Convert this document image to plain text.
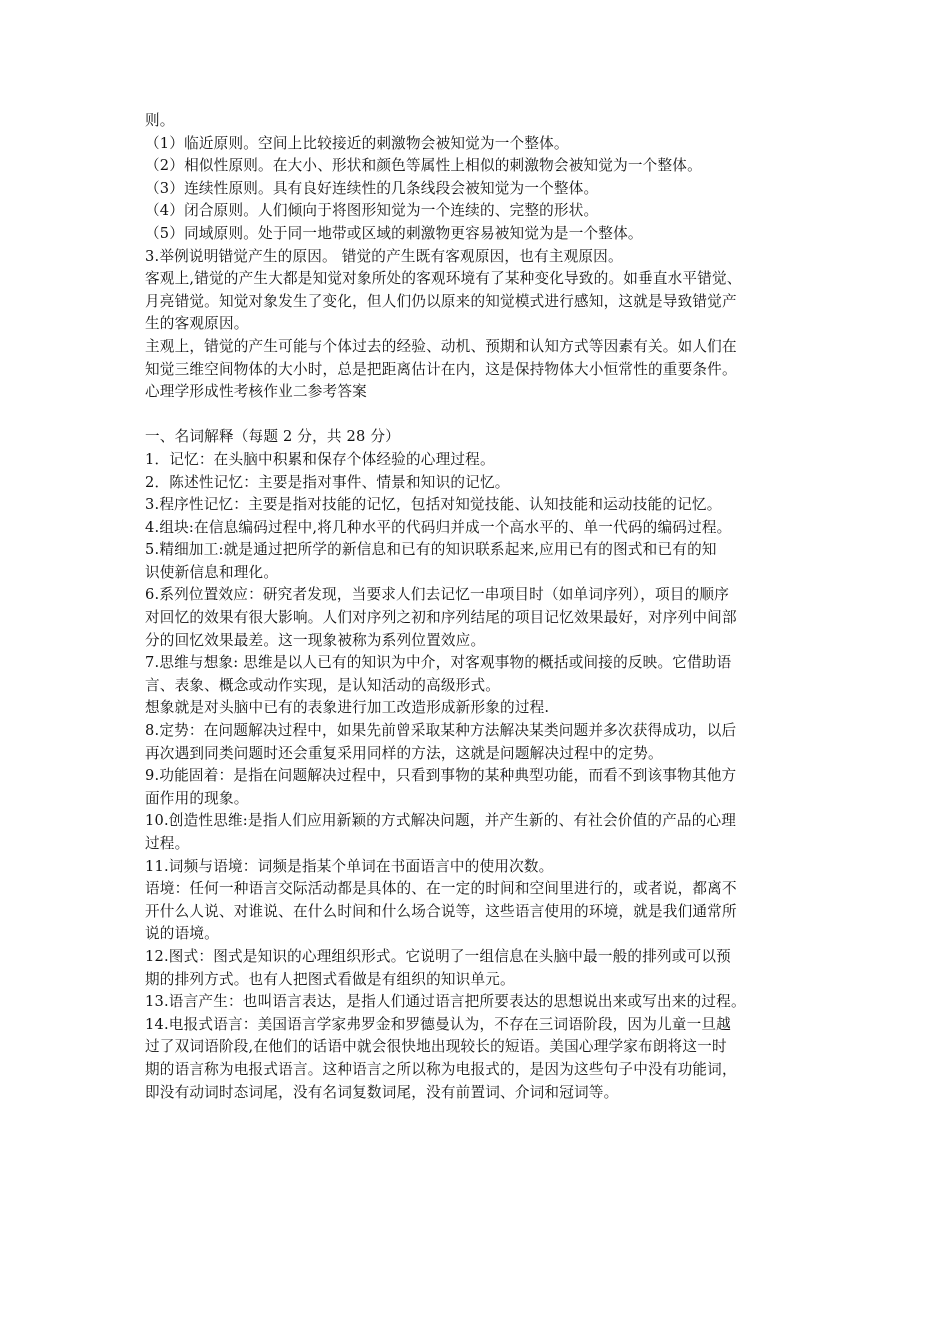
则。

（1）临近原则。空间上比较接近的刺激物会被知觉为一个整体。

（2）相似性原则。在大小、形状和颜色等属性上相似的刺激物会被知觉为一个整体。

（3）连续性原则。具有良好连续性的几条线段会被知觉为一个整体。

（4）闭合原则。人们倾向于将图形知觉为一个连续的、完整的形状。

（5）同域原则。处于同一地带或区域的刺激物更容易被知觉为是一个整体。

3.举例说明错觉产生的原因。 错觉的产生既有客观原因，也有主观原因。

客观上,错觉的产生大都是知觉对象所处的客观环境有了某种变化导致的。如垂直水平错觉、

月亮错觉。知觉对象发生了变化，但人们仍以原来的知觉模式进行感知，这就是导致错觉产

生的客观原因。

主观上，错觉的产生可能与个体过去的经验、动机、预期和认知方式等因素有关。如人们在

知觉三维空间物体的大小时，总是把距离估计在内，这是保持物体大小恒常性的重要条件。

心理学形成性考核作业二参考答案

一、名词解释（每题 2 分，共 28 分）

1．记忆：在头脑中积累和保存个体经验的心理过程。

2．陈述性记忆：主要是指对事件、情景和知识的记忆。

3.程序性记忆：主要是指对技能的记忆，包括对知觉技能、认知技能和运动技能的记忆。

4.组块:在信息编码过程中,将几种水平的代码归并成一个高水平的、单一代码的编码过程。

5.精细加工:就是通过把所学的新信息和已有的知识联系起来,应用已有的图式和已有的知

识使新信息和理化。

6.系列位置效应：研究者发现，当要求人们去记忆一串项目时（如单词序列），项目的顺序

对回忆的效果有很大影响。人们对序列之初和序列结尾的项目记忆效果最好，对序列中间部

分的回忆效果最差。这一现象被称为系列位置效应。

7.思维与想象: 思维是以人已有的知识为中介，对客观事物的概括或间接的反映。它借助语

言、表象、概念或动作实现，是认知活动的高级形式。

想象就是对头脑中已有的表象进行加工改造形成新形象的过程.

8.定势：在问题解决过程中，如果先前曾采取某种方法解决某类问题并多次获得成功，以后

再次遇到同类问题时还会重复采用同样的方法，这就是问题解决过程中的定势。

9.功能固着：是指在问题解决过程中，只看到事物的某种典型功能，而看不到该事物其他方

面作用的现象。

10.创造性思维:是指人们应用新颖的方式解决问题，并产生新的、有社会价值的产品的心理

过程。

11.词频与语境：词频是指某个单词在书面语言中的使用次数。

语境：任何一种语言交际活动都是具体的、在一定的时间和空间里进行的，或者说，都离不

开什么人说、对谁说、在什么时间和什么场合说等，这些语言使用的环境，就是我们通常所

说的语境。

12.图式：图式是知识的心理组织形式。它说明了一组信息在头脑中最一般的排列或可以预

期的排列方式。也有人把图式看做是有组织的知识单元。

13.语言产生：也叫语言表达，是指人们通过语言把所要表达的思想说出来或写出来的过程。

14.电报式语言：美国语言学家弗罗金和罗德曼认为，不存在三词语阶段，因为儿童一旦越

过了双词语阶段,在他们的话语中就会很快地出现较长的短语。美国心理学家布朗将这一时

期的语言称为电报式语言。这种语言之所以称为电报式的，是因为这些句子中没有功能词，

即没有动词时态词尾，没有名词复数词尾，没有前置词、介词和冠词等。
